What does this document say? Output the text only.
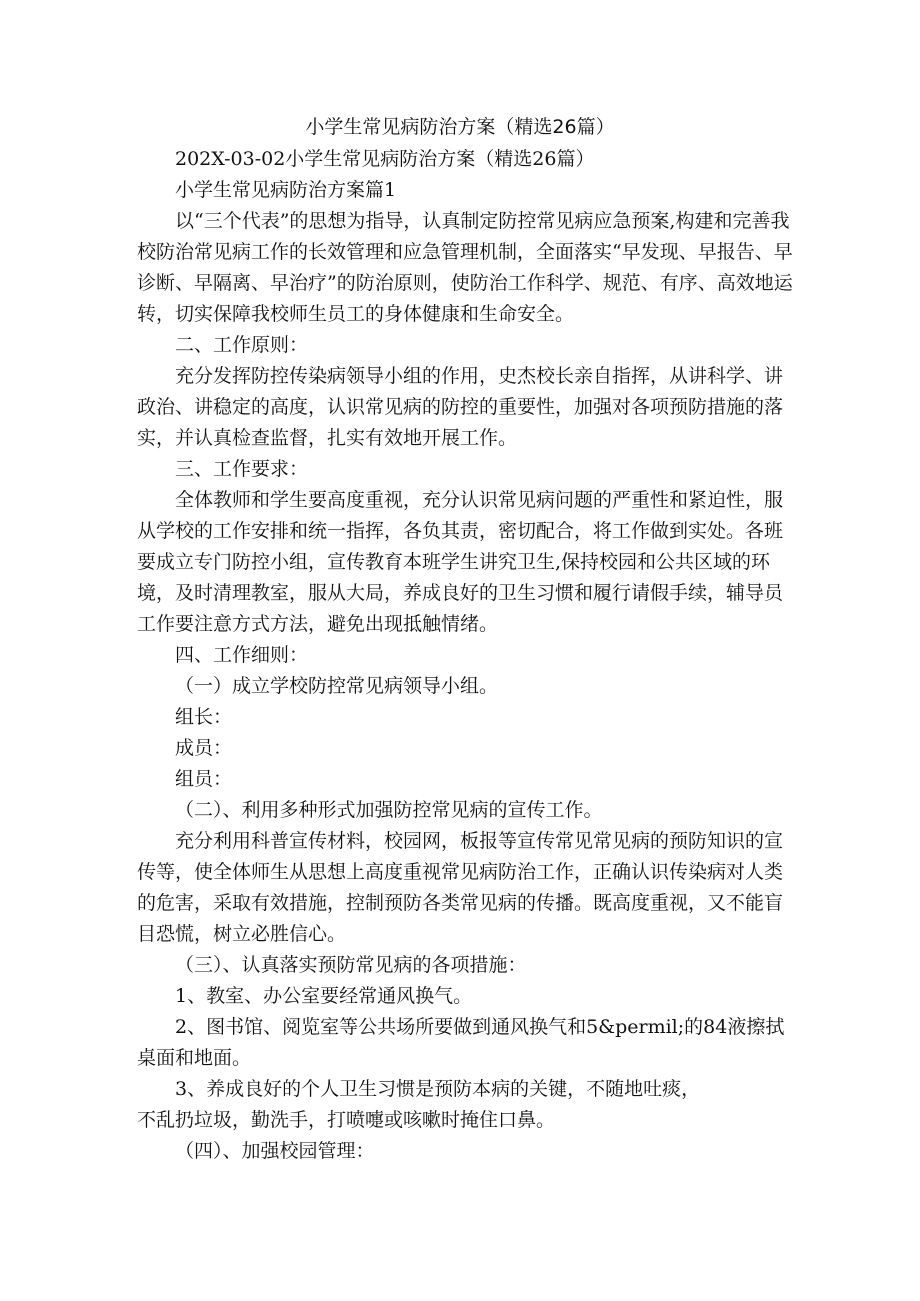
小学生常见病防治方案（精选26篇）

202X-03-02小学生常见病防治方案（精选26篇）

小学生常见病防治方案篇1

以“三个代表”的思想为指导，认真制定防控常见病应急预案,构建和完善我校防治常见病工作的长效管理和应急管理机制，全面落实“早发现、早报告、早诊断、早隔离、早治疗”的防治原则，使防治工作科学、规范、有序、高效地运转，切实保障我校师生员工的身体健康和生命安全。

二、工作原则：

充分发挥防控传染病领导小组的作用，史杰校长亲自指挥，从讲科学、讲政治、讲稳定的高度，认识常见病的防控的重要性，加强对各项预防措施的落实，并认真检查监督，扎实有效地开展工作。

三、工作要求：

全体教师和学生要高度重视，充分认识常见病问题的严重性和紧迫性，服从学校的工作安排和统一指挥，各负其责，密切配合，将工作做到实处。各班要成立专门防控小组，宣传教育本班学生讲究卫生,保持校园和公共区域的环境，及时清理教室，服从大局，养成良好的卫生习惯和履行请假手续，辅导员工作要注意方式方法，避免出现抵触情绪。

四、工作细则：

（一）成立学校防控常见病领导小组。

组长：

成员：

组员：

（二）、利用多种形式加强防控常见病的宣传工作。

充分利用科普宣传材料，校园网，板报等宣传常见常见病的预防知识的宣传等，使全体师生从思想上高度重视常见病防治工作，正确认识传染病对人类的危害，采取有效措施，控制预防各类常见病的传播。既高度重视，又不能盲目恐慌，树立必胜信心。

（三）、认真落实预防常见病的各项措施：

1、教室、办公室要经常通风换气。

2、图书馆、阅览室等公共场所要做到通风换气和5&permil;的84液擦拭桌面和地面。

3、养成良好的个人卫生习惯是预防本病的关键，不随地吐痰，

不乱扔垃圾，勤洗手，打喷嚏或咳嗽时掩住口鼻。

（四）、加强校园管理：
